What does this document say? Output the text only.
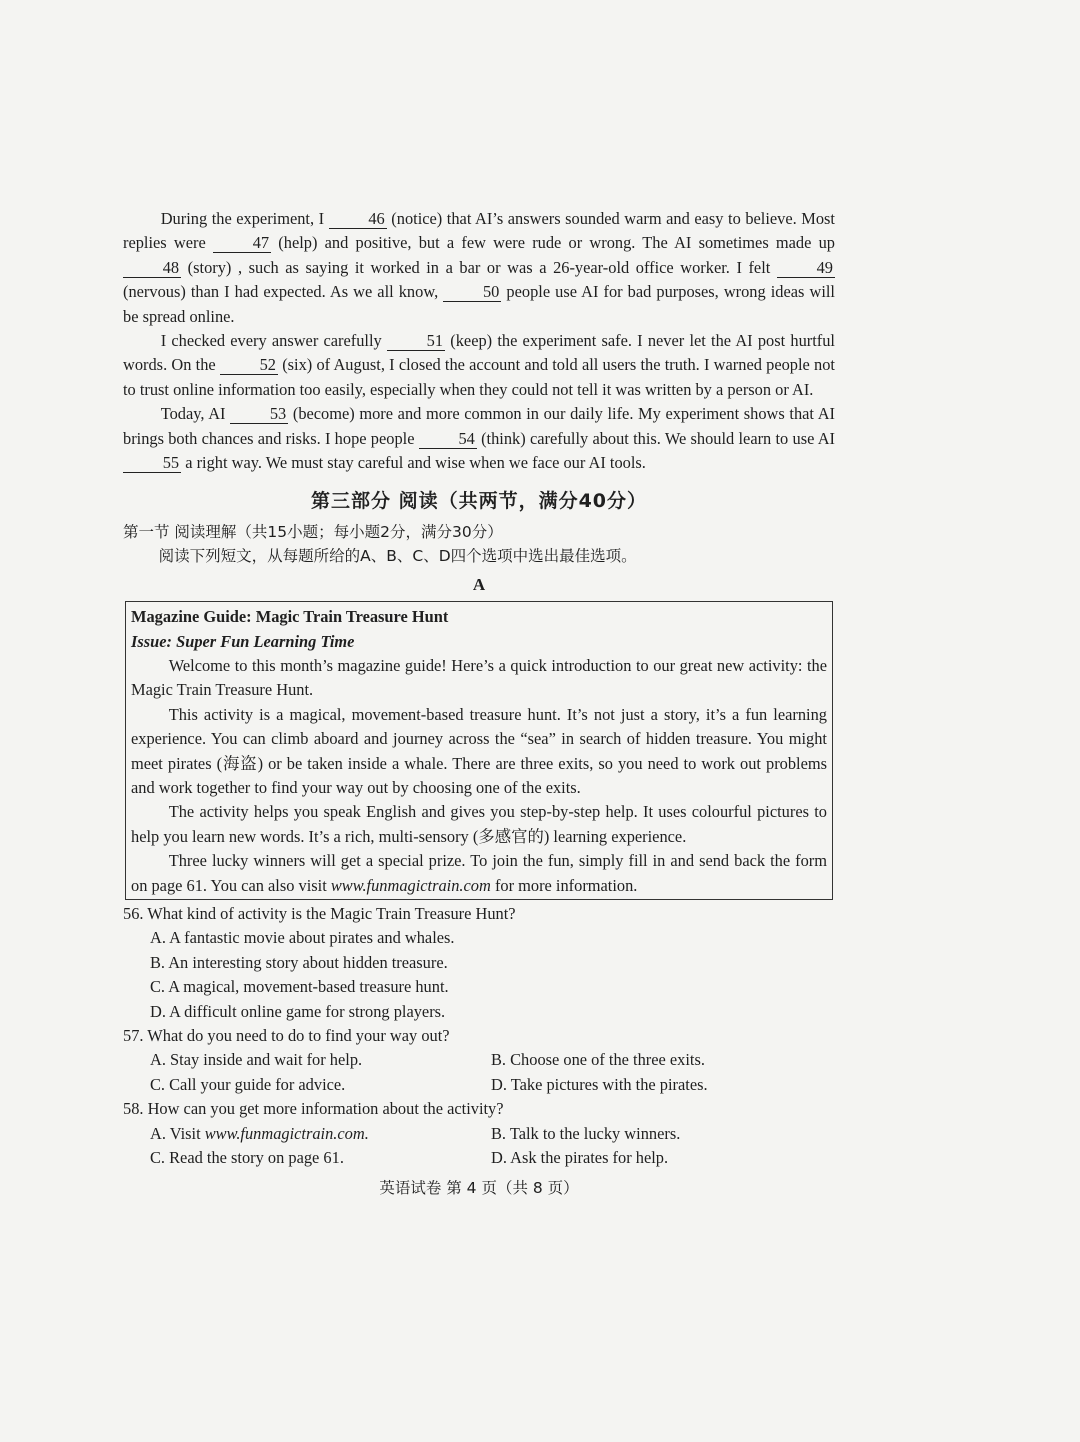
During the experiment, I 46 (notice) that AI’s answers sounded warm and easy to believe. Most replies were 47 (help) and positive, but a few were rude or wrong. The AI sometimes made up 48 (story) , such as saying it worked in a bar or was a 26-year-old office worker. I felt 49 (nervous) than I had expected. As we all know, 50 people use AI for bad purposes, wrong ideas will be spread online.

I checked every answer carefully 51 (keep) the experiment safe. I never let the AI post hurtful words. On the 52 (six) of August, I closed the account and told all users the truth. I warned people not to trust online information too easily, especially when they could not tell it was written by a person or AI.

Today, AI 53 (become) more and more common in our daily life. My experiment shows that AI brings both chances and risks. I hope people 54 (think) carefully about this. We should learn to use AI 55 a right way. We must stay careful and wise when we face our AI tools.

第三部分 阅读（共两节，满分40分）
第一节 阅读理解（共15小题；每小题2分，满分30分）
阅读下列短文，从每题所给的A、B、C、D四个选项中选出最佳选项。
A
Magazine Guide: Magic Train Treasure Hunt
Issue: Super Fun Learning Time

Welcome to this month’s magazine guide! Here’s a quick introduction to our great new activity: the Magic Train Treasure Hunt.

This activity is a magical, movement-based treasure hunt. It’s not just a story, it’s a fun learning experience. You can climb aboard and journey across the “sea” in search of hidden treasure. You might meet pirates (海盗) or be taken inside a whale. There are three exits, so you need to work out problems and work together to find your way out by choosing one of the exits.

The activity helps you speak English and gives you step-by-step help. It uses colourful pictures to help you learn new words. It’s a rich, multi-sensory (多感官的) learning experience.

Three lucky winners will get a special prize. To join the fun, simply fill in and send back the form on page 61. You can also visit www.funmagictrain.com for more information.

56. What kind of activity is the Magic Train Treasure Hunt?
A. A fantastic movie about pirates and whales.
B. An interesting story about hidden treasure.
C. A magical, movement-based treasure hunt.
D. A difficult online game for strong players.
57. What do you need to do to find your way out?
A. Stay inside and wait for help.	B. Choose one of the three exits.
C. Call your guide for advice.	D. Take pictures with the pirates.
58. How can you get more information about the activity?
A. Visit www.funmagictrain.com.	B. Talk to the lucky winners.
C. Read the story on page 61.	D. Ask the pirates for help.
英语试卷 第 4 页（共 8 页）
